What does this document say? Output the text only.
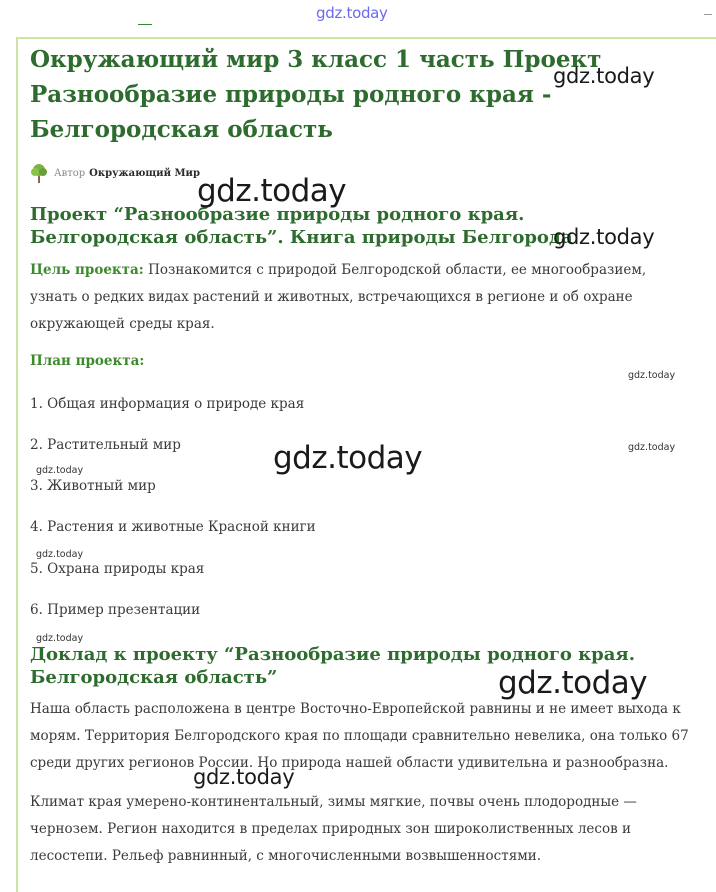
gdz.today
Окружающий мир 3 класс 1 часть Проект Разнообразие природы родного края - Белгородская область
Автор Окружающий Мир
Проект “Разнообразие природы родного края. Белгородская область”. Книга природы Белгорода

Цель проекта: Познакомится с природой Белгородской области, ее многообразием, узнать о редких видах растений и животных, встречающихся в регионе и об охране окружающей среды края.

План проекта:
1. Общая информация о природе края
2. Растительный мир
3. Животный мир
4. Растения и животные Красной книги
5. Охрана природы края
6. Пример презентации
Доклад к проекту “Разнообразие природы родного края. Белгородская область”

Наша область расположена в центре Восточно-Европейской равнины и не имеет выхода к морям. Территория Белгородского края по площади сравнительно невелика, она только 67 среди других регионов России. Но природа нашей области удивительна и разнообразна.

Климат края умерено-континентальный, зимы мягкие, почвы очень плодородные — чернозем. Регион находится в пределах природных зон широколиственных лесов и лесостепи. Рельеф равнинный, с многочисленными возвышенностями.

gdz.today
gdz.today
gdz.today
gdz.today
gdz.today
gdz.today
gdz.today
gdz.today
gdz.today
gdz.today
gdz.today
